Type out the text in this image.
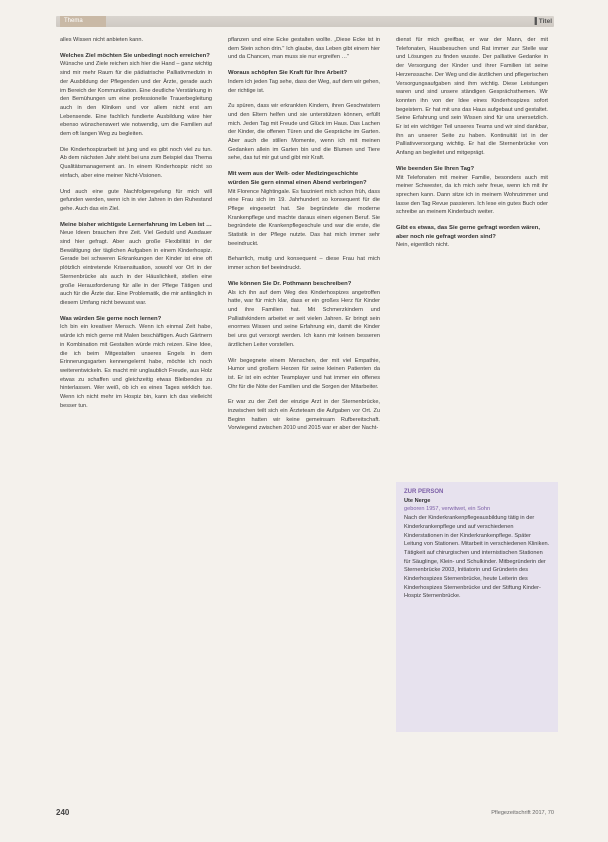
Thema	▐ Titel

alles Wissen nicht anbieten kann.

Welches Ziel möchten Sie unbedingt noch erreichen?

Wünsche und Ziele reichen sich hier die Hand – ganz wichtig sind mir mehr Raum für die pädiatrische Palliativmedizin in der Ausbildung der Pflegenden und der Ärzte, gerade auch im Bereich der Kommunikation. Eine deutliche Verstärkung in den Bemühungen um eine professionelle Trauerbegleitung auch in den Kliniken und vor allem nicht erst am Lebensende. Eine fachlich fundierte Ausbildung wäre hier ebenso wünschenswert wie notwendig, um die Familien auf dem oft langen Weg zu begleiten.

Die Kinderhospizarbeit ist jung und es gibt noch viel zu tun. Ab dem nächsten Jahr steht bei uns zum Beispiel das Thema Qualitätsmanagement an. In einem Kinderhospiz nicht so einfach, aber eine meiner Nicht-Visionen.

Und auch eine gute Nachfolgeregelung für mich will gefunden werden, wenn ich in vier Jahren in den Ruhestand gehe. Auch das ein Ziel.

Meine bisher wichtigste Lernerfahrung im Leben ist …

Neue Ideen brauchen ihre Zeit. Viel Geduld und Ausdauer sind hier gefragt. Aber auch große Flexibilität in der Bewältigung der täglichen Aufgaben in einem Kinderhospiz. Gerade bei schweren Erkrankungen der Kinder ist eine oft plötzlich eintretende Krisensituation, sowohl vor Ort in der Sternenbrücke als auch in der Häuslichkeit, stellen eine große Herausforderung für alle in der Pflege Tätigen und auch für die Ärzte dar. Eine Problematik, die mir anfänglich in diesem Umfang nicht bewusst war.

Was würden Sie gerne noch lernen?

Ich bin ein kreativer Mensch. Wenn ich einmal Zeit habe, würde ich mich gerne mit Malen beschäftigen. Auch Gärtnern in Kombination mit Gestalten würde mich reizen. Eine Idee, die ich beim Mitgestalten unseres Engels in dem Erinnerungsgarten kennengelernt habe, möchte ich noch weiterentwickeln. Es macht mir unglaublich Freude, aus Holz etwas zu schaffen und gleichzeitig etwas Bleibendes zu hinterlassen. Wer weiß, ob ich es eines Tages wirklich tue. Wenn ich nicht mehr im Hospiz bin, kann ich das vielleicht besser tun.

pflanzen und eine Ecke gestalten wollte. „Diese Ecke ist in dem Stein schon drin." Ich glaube, das Leben gibt einem hier und da Chancen, man muss sie nur ergreifen …"

Woraus schöpfen Sie Kraft für Ihre Arbeit?

Indem ich jeden Tag sehe, dass der Weg, auf dem wir gehen, der richtige ist.

Zu spüren, dass wir erkrankten Kindern, ihren Geschwistern und den Eltern helfen und sie unterstützen können, erfüllt mich. Jeden Tag mit Freude und Glück im Haus. Das Lachen der Kinder, die offenen Türen und die Gespräche im Garten. Aber auch die stillen Momente, wenn ich mit meinen Gedanken allein im Garten bin und die Blumen und Tiere sehe, das tut mir gut und gibt mir Kraft.

Mit wem aus der Welt- oder Medizingeschichte würden Sie gern einmal einen Abend verbringen?

Mit Florence Nightingale. Es fasziniert mich schon früh, dass eine Frau sich im 19. Jahrhundert so konsequent für die Pflege eingesetzt hat. Sie begründete die moderne Krankenpflege und machte daraus einen eigenen Beruf. Sie begründete die Krankenpflegeschule und war die erste, die Statistik in der Pflege nutzte. Das hat mich immer sehr beeindruckt.

Beharrlich, mutig und konsequent – diese Frau hat mich immer schon tief beeindruckt.

Wie können Sie Dr. Pothmann beschreiben?

Als ich ihn auf dem Weg des Kinderhospizes angetroffen hatte, war für mich klar, dass er ein großes Herz für Kinder und ihre Familien hat. Mit Schmerzkindern und Palliativkindern arbeitet er seit vielen Jahren. Er bringt sein enormes Wissen und seine Erfahrung ein, damit die Kinder bei uns gut versorgt werden. Ich kann mir keinen besseren ärztlichen Leiter vorstellen.

Wir begegnete einem Menschen, der mit viel Empathie, Humor und großem Herzen für seine kleinen Patienten da ist. Er ist ein echter Teamplayer und hat immer ein offenes Ohr für die Nöte der Familien und die Sorgen der Mitarbeiter.

Er war zu der Zeit der einzige Arzt in der Sternenbrücke, inzwischen teilt sich ein Ärzteteam die Aufgaben vor Ort. Zu Beginn hatten wir keine gemeinsam Rufbereitschaft. Vorwiegend zwischen 2010 und 2015 war er aber der Nacht-

dienst für mich greifbar, er war der Mann, der mit Telefonaten, Hausbesuchen und Rat immer zur Stelle war und Lösungen zu finden wusste. Der palliative Gedanke in der Versorgung der Kinder und ihrer Familien ist seine Herzenssache. Der Weg und die ärztlichen und pflegerischen Versorgungsaufgaben sind ihm wichtig. Diese Leistungen waren und sind unsere ständigen Gesprächsthemen. Wir konnten ihn von der Idee eines Kinderhospizes sofort begeistern. Er hat mit uns das Haus aufgebaut und gestaltet. Seine Erfahrung und sein Wissen sind für uns unersetzlich. Er ist ein wichtiger Teil unseres Teams und wir sind dankbar, ihn an unserer Seite zu haben. Kontinuität ist in der Palliativversorgung wichtig. Er hat die Sternenbrücke von Anfang an begleitet und mitgeprägt.

Wie beenden Sie Ihren Tag?

Mit Telefonaten mit meiner Familie, besonders auch mit meiner Schwester, da ich mich sehr freue, wenn ich mit ihr sprechen kann. Dann sitze ich in meinem Wohnzimmer und lasse den Tag Revue passieren. Ich lese ein gutes Buch oder schreibe an meinem Kinderbuch weiter.

Gibt es etwas, das Sie gerne gefragt worden wären, aber noch nie gefragt worden sind?

Nein, eigentlich nicht.

ZUR PERSON

Ute Nerge

geboren 1957, verwitwet, ein Sohn

Nach der Kinderkrankenpflegeausbildung tätig in der Kinderkrankenpflege und auf verschiedenen Kinderstationen in der Kinderkrankenpflege. Später Leitung von Stationen. Mitarbeit in verschiedenen Kliniken. Tätigkeit auf chirurgischen und internistischen Stationen für Säuglinge, Klein- und Schulkinder. Mitbegründerin der Sternenbrücke 2003, Initiatorin und Gründerin des Kinderhospizes Sternenbrücke, heute Leiterin des Kinderhospizes Sternenbrücke und der Stiftung Kinder-Hospiz Sternenbrücke.

240	Pflegezeitschrift 2017, 70
